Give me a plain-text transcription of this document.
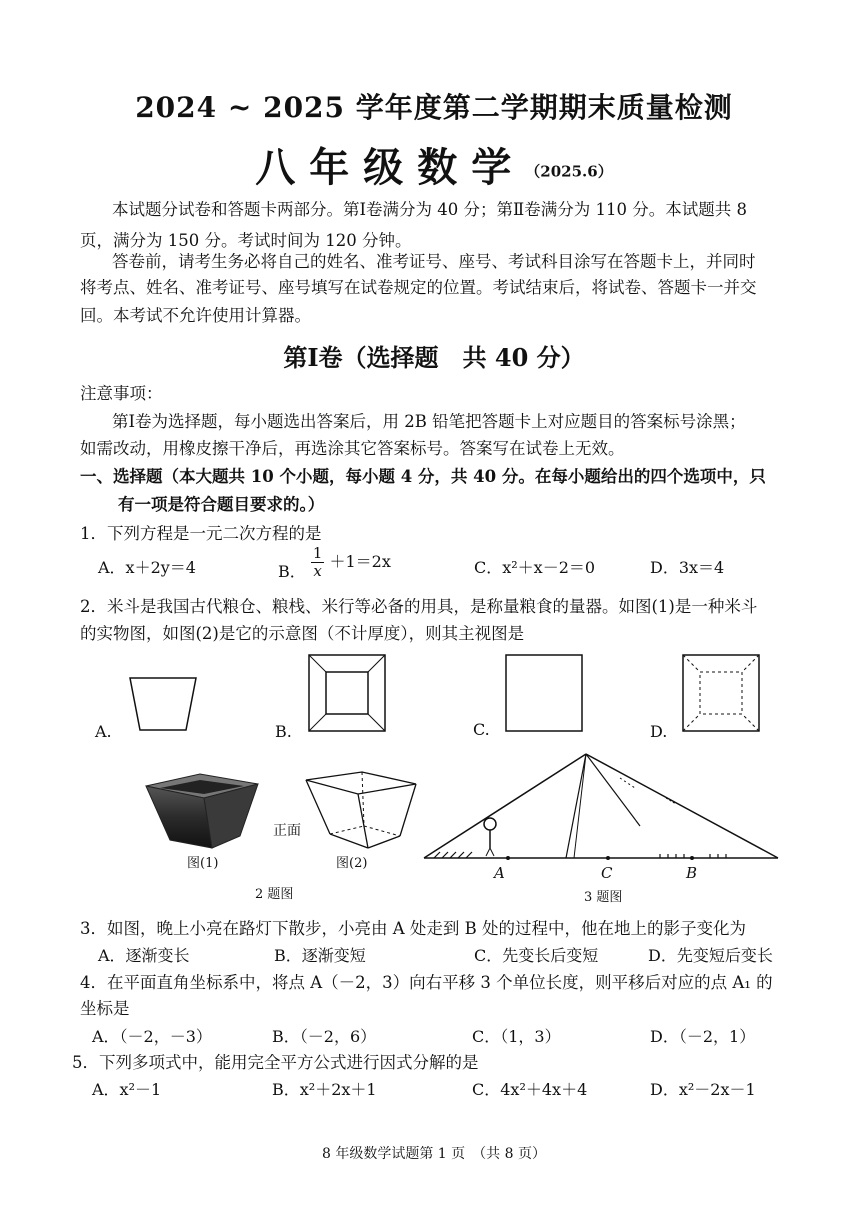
2024 ~ 2025 学年度第二学期期末质量检测
八年级数学（2025.6）
本试题分试卷和答题卡两部分。第Ⅰ卷满分为 40 分；第Ⅱ卷满分为 110 分。本试题共 8
页，满分为 150 分。考试时间为 120 分钟。
答卷前，请考生务必将自己的姓名、准考证号、座号、考试科目涂写在答题卡上，并同时
将考点、姓名、准考证号、座号填写在试卷规定的位置。考试结束后，将试卷、答题卡一并交
回。本考试不允许使用计算器。
第Ⅰ卷（选择题　共 40 分）
注意事项：
第Ⅰ卷为选择题，每小题选出答案后，用 2B 铅笔把答题卡上对应题目的答案标号涂黑；
如需改动，用橡皮擦干净后，再选涂其它答案标号。答案写在试卷上无效。
一、选择题（本大题共 10 个小题，每小题 4 分，共 40 分。在每小题给出的四个选项中，只
有一项是符合题目要求的。）
1．下列方程是一元二次方程的是
A．x＋2y＝4	B． $\frac{1}{x} +1=2x$	C．x²＋x－2＝0	D．3x＝4
2．米斗是我国古代粮仓、粮栈、米行等必备的用具，是称量粮食的量器。如图(1)是一种米斗
的实物图，如图(2)是它的示意图（不计厚度），则其主视图是
A.	B.	C.	D.
图(1)
正面
图(2)
2 题图
A	C	B
3 题图
3．如图，晚上小亮在路灯下散步，小亮由 A 处走到 B 处的过程中，他在地上的影子变化为
A．逐渐变长	B．逐渐变短	C．先变长后变短	D．先变短后变长
4．在平面直角坐标系中，将点 A（－2，3）向右平移 3 个单位长度，则平移后对应的点 A₁ 的
坐标是
A．（－2，－3）	B．（－2，6）	C．（1，3）	D．（－2，1）
5．下列多项式中，能用完全平方公式进行因式分解的是
A．x²－1	B．x²＋2x＋1	C．4x²＋4x＋4	D．x²－2x－1
8 年级数学试题第 1 页　（共 8 页）
